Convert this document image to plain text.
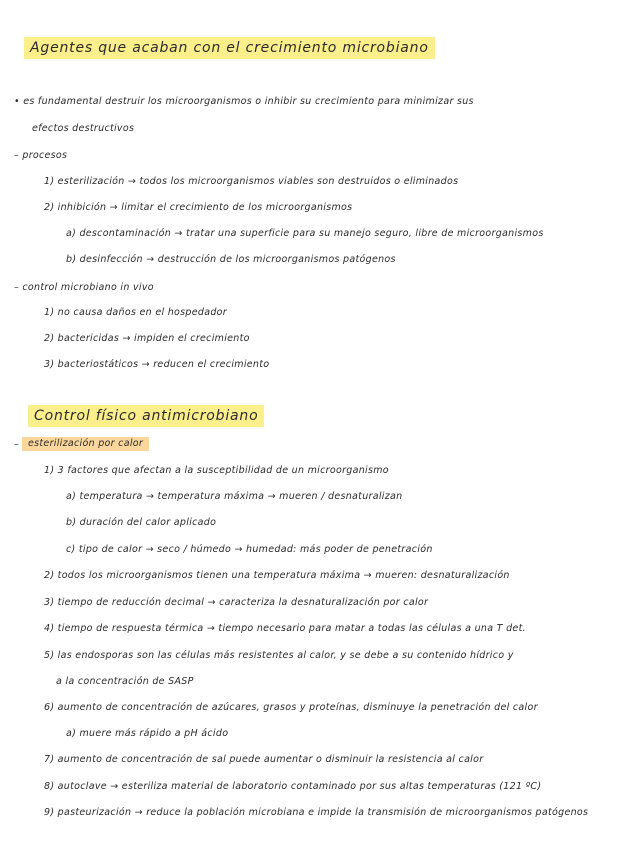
Agentes que acaban con el crecimiento microbiano
• es fundamental destruir los microorganismos o inhibir su crecimiento para minimizar sus
efectos destructivos
– procesos
1) esterilización → todos los microorganismos viables son destruidos o eliminados
2) inhibición → limitar el crecimiento de los microorganismos
a) descontaminación → tratar una superficie para su manejo seguro, libre de microorganismos
b) desinfección → destrucción de los microorganismos patógenos
– control microbiano in vivo
1) no causa daños en el hospedador
2) bactericidas → impiden el crecimiento
3) bacteriostáticos → reducen el crecimiento
Control físico antimicrobiano
– esterilización por calor
1) 3 factores que afectan a la susceptibilidad de un microorganismo
a) temperatura → temperatura máxima → mueren / desnaturalizan
b) duración del calor aplicado
c) tipo de calor → seco / húmedo → humedad: más poder de penetración
2) todos los microorganismos tienen una temperatura máxima → mueren: desnaturalización
3) tiempo de reducción decimal → caracteriza la desnaturalización por calor
4) tiempo de respuesta térmica → tiempo necesario para matar a todas las células a una T det.
5) las endosporas son las células más resistentes al calor, y se debe a su contenido hídrico y
a la concentración de SASP
6) aumento de concentración de azúcares, grasos y proteínas, disminuye la penetración del calor
a) muere más rápido a pH ácido
7) aumento de concentración de sal puede aumentar o disminuir la resistencia al calor
8) autoclave → esteriliza material de laboratorio contaminado por sus altas temperaturas (121 ºC)
9) pasteurización → reduce la población microbiana e impide la transmisión de microorganismos patógenos
